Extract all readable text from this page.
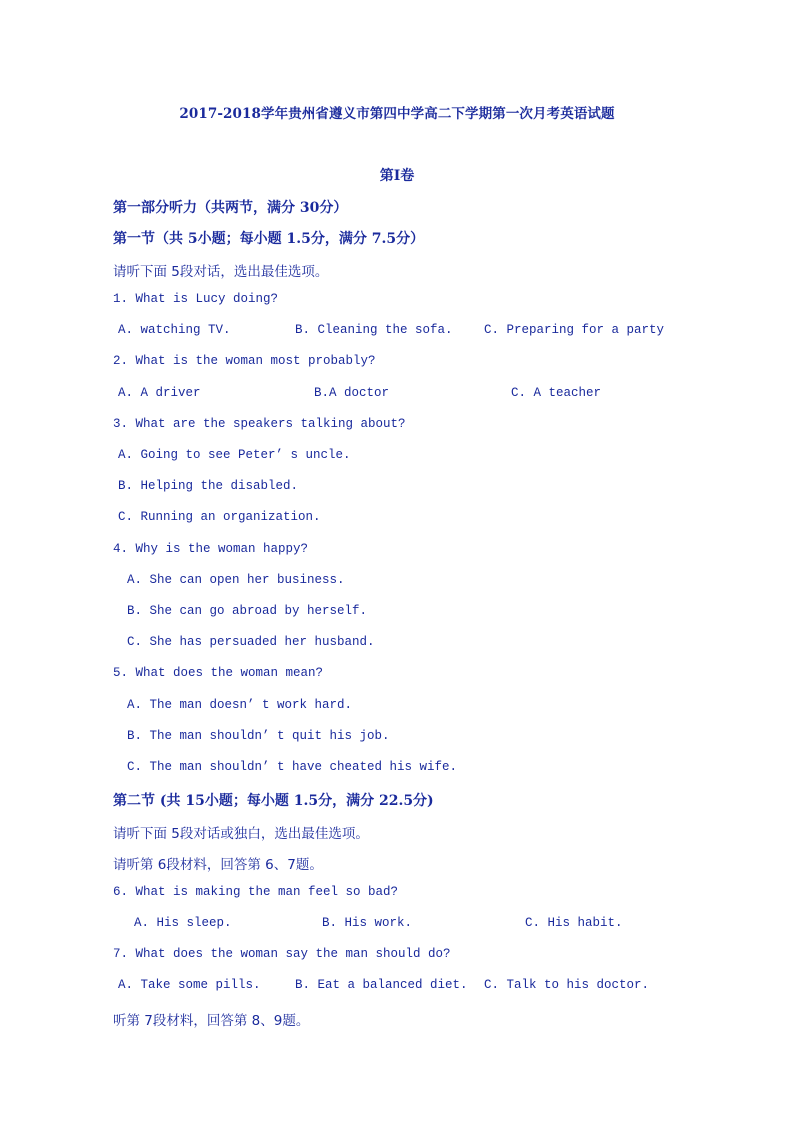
2017-2018学年贵州省遵义市第四中学高二下学期第一次月考英语试题
第Ⅰ卷
第一部分听力（共两节，满分 30分）
第一节（共 5小题；每小题 1.5分，满分 7.5分）
请听下面 5段对话，选出最佳选项。
1. What is Lucy doing?
A. watching TV.	B. Cleaning the sofa.	C. Preparing for a party
2. What is the woman most probably?
A. A driver	B.A doctor	C. A teacher
3. What are the speakers talking about?
A. Going to see Peter’ s uncle.
B. Helping the disabled.
C. Running an organization.
4. Why is the woman happy?
A. She can open her business.
B. She can go abroad by herself.
C. She has persuaded her husband.
5. What does the woman mean?
A. The man doesn’ t work hard.
B. The man shouldn’ t quit his job.
C. The man shouldn’ t have cheated his wife.
第二节 (共 15小题；每小题 1.5分，满分 22.5分)
请听下面 5段对话或独白，选出最佳选项。
请听第 6段材料，回答第 6、7题。
6. What is making the man feel so bad?
A. His sleep.	B. His work.	C. His habit.
7. What does the woman say the man should do?
A. Take some pills.	B. Eat a balanced diet. C. Talk to his doctor.
听第 7段材料，回答第 8、9题。
